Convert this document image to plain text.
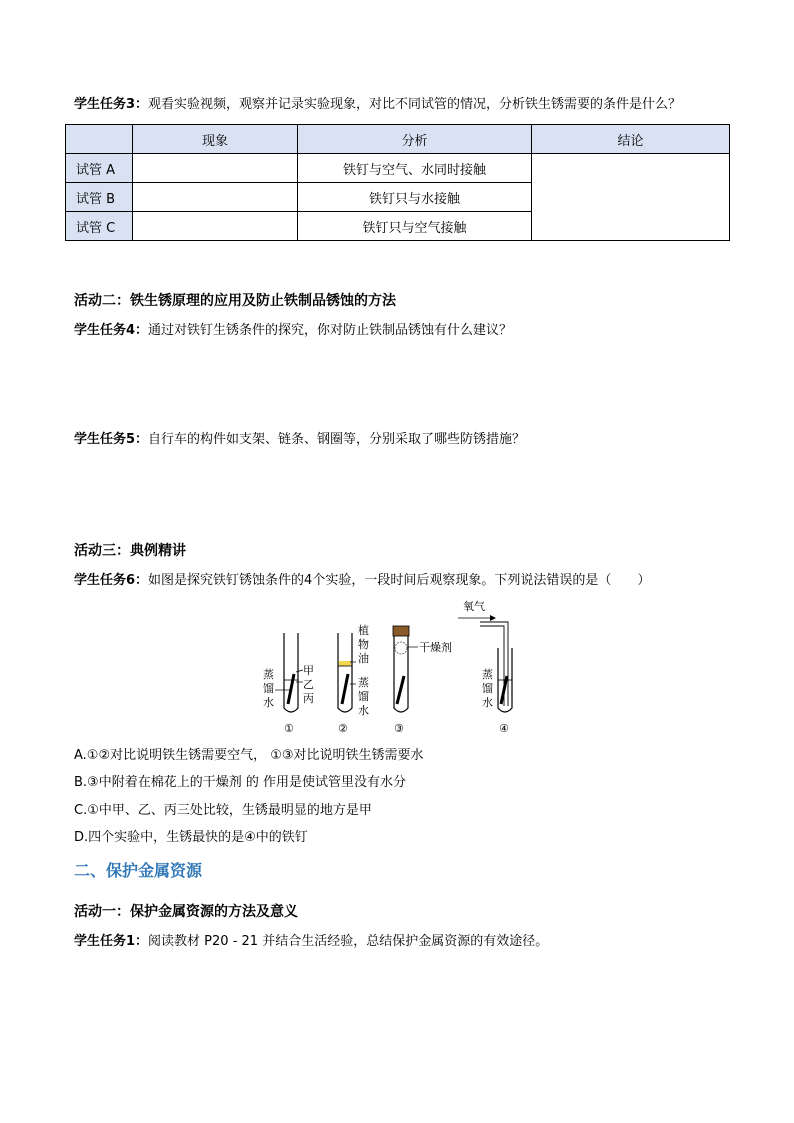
学生任务3：观看实验视频，观察并记录实验现象，对比不同试管的情况，分析铁生锈需要的条件是什么？
	现象	分析	结论
试管 A		铁钉与空气、水同时接触	
试管 B		铁钉只与水接触	
试管 C		铁钉只与空气接触	
活动二：铁生锈原理的应用及防止铁制品锈蚀的方法
学生任务4：通过对铁钉生锈条件的探究，你对防止铁制品锈蚀有什么建议？
学生任务5：自行车的构件如支架、链条、钢圈等，分别采取了哪些防锈措施？
活动三：典例精讲
学生任务6：如图是探究铁钉锈蚀条件的4个实验，一段时间后观察现象。下列说法错误的是（　　）
蒸
馏
水
甲
乙
丙
①
植
物
油
蒸
馏
水
②
干燥剂
③
氧气
蒸
馏
水
④
A.①②对比说明铁生锈需要空气， ①③对比说明铁生锈需要水
B.③中附着在棉花上的干燥剂 的 作用是使试管里没有水分
C.①中甲、乙、丙三处比较，生锈最明显的地方是甲
D.四个实验中，生锈最快的是④中的铁钉
二、保护金属资源
活动一：保护金属资源的方法及意义
学生任务1：阅读教材 P20 - 21 并结合生活经验，总结保护金属资源的有效途径。
